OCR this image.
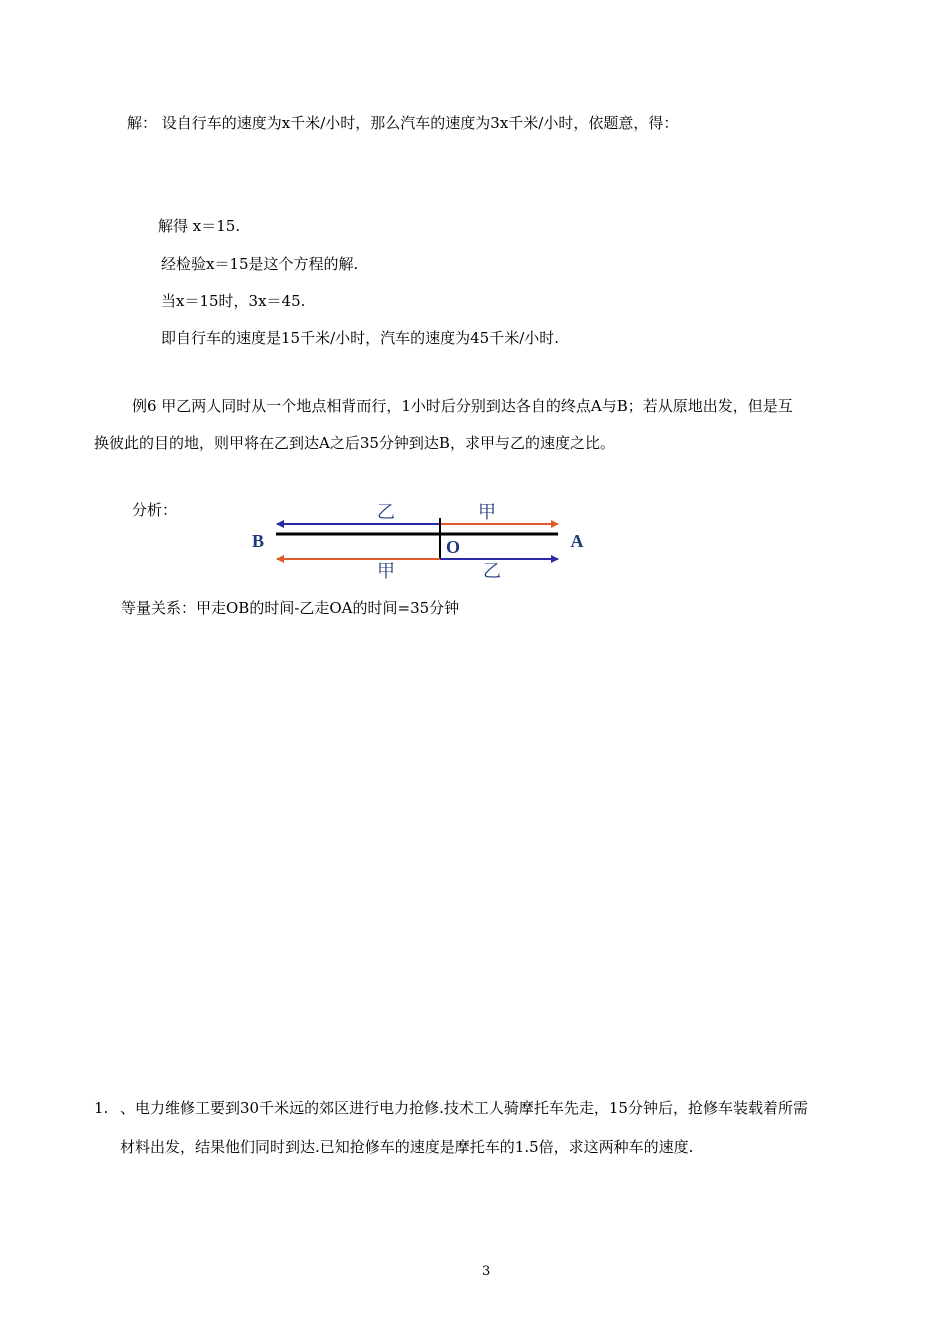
解： 设自行车的速度为x千米/小时，那么汽车的速度为3x千米/小时，依题意，得：
解得 x＝15.
经检验x＝15是这个方程的解.
当x＝15时，3x＝45.
即自行车的速度是15千米/小时，汽车的速度为45千米/小时.
例6 甲乙两人同时从一个地点相背而行，1小时后分别到达各自的终点A与B；若从原地出发，但是互
换彼此的目的地，则甲将在乙到达A之后35分钟到达B，求甲与乙的速度之比。
分析：
B	O	A
乙	甲
甲	乙
等量关系：甲走OB的时间-乙走OA的时间=35分钟
1. 、电力维修工要到30千米远的郊区进行电力抢修.技术工人骑摩托车先走，15分钟后，抢修车装载着所需
材料出发，结果他们同时到达.已知抢修车的速度是摩托车的1.5倍，求这两种车的速度.
3
